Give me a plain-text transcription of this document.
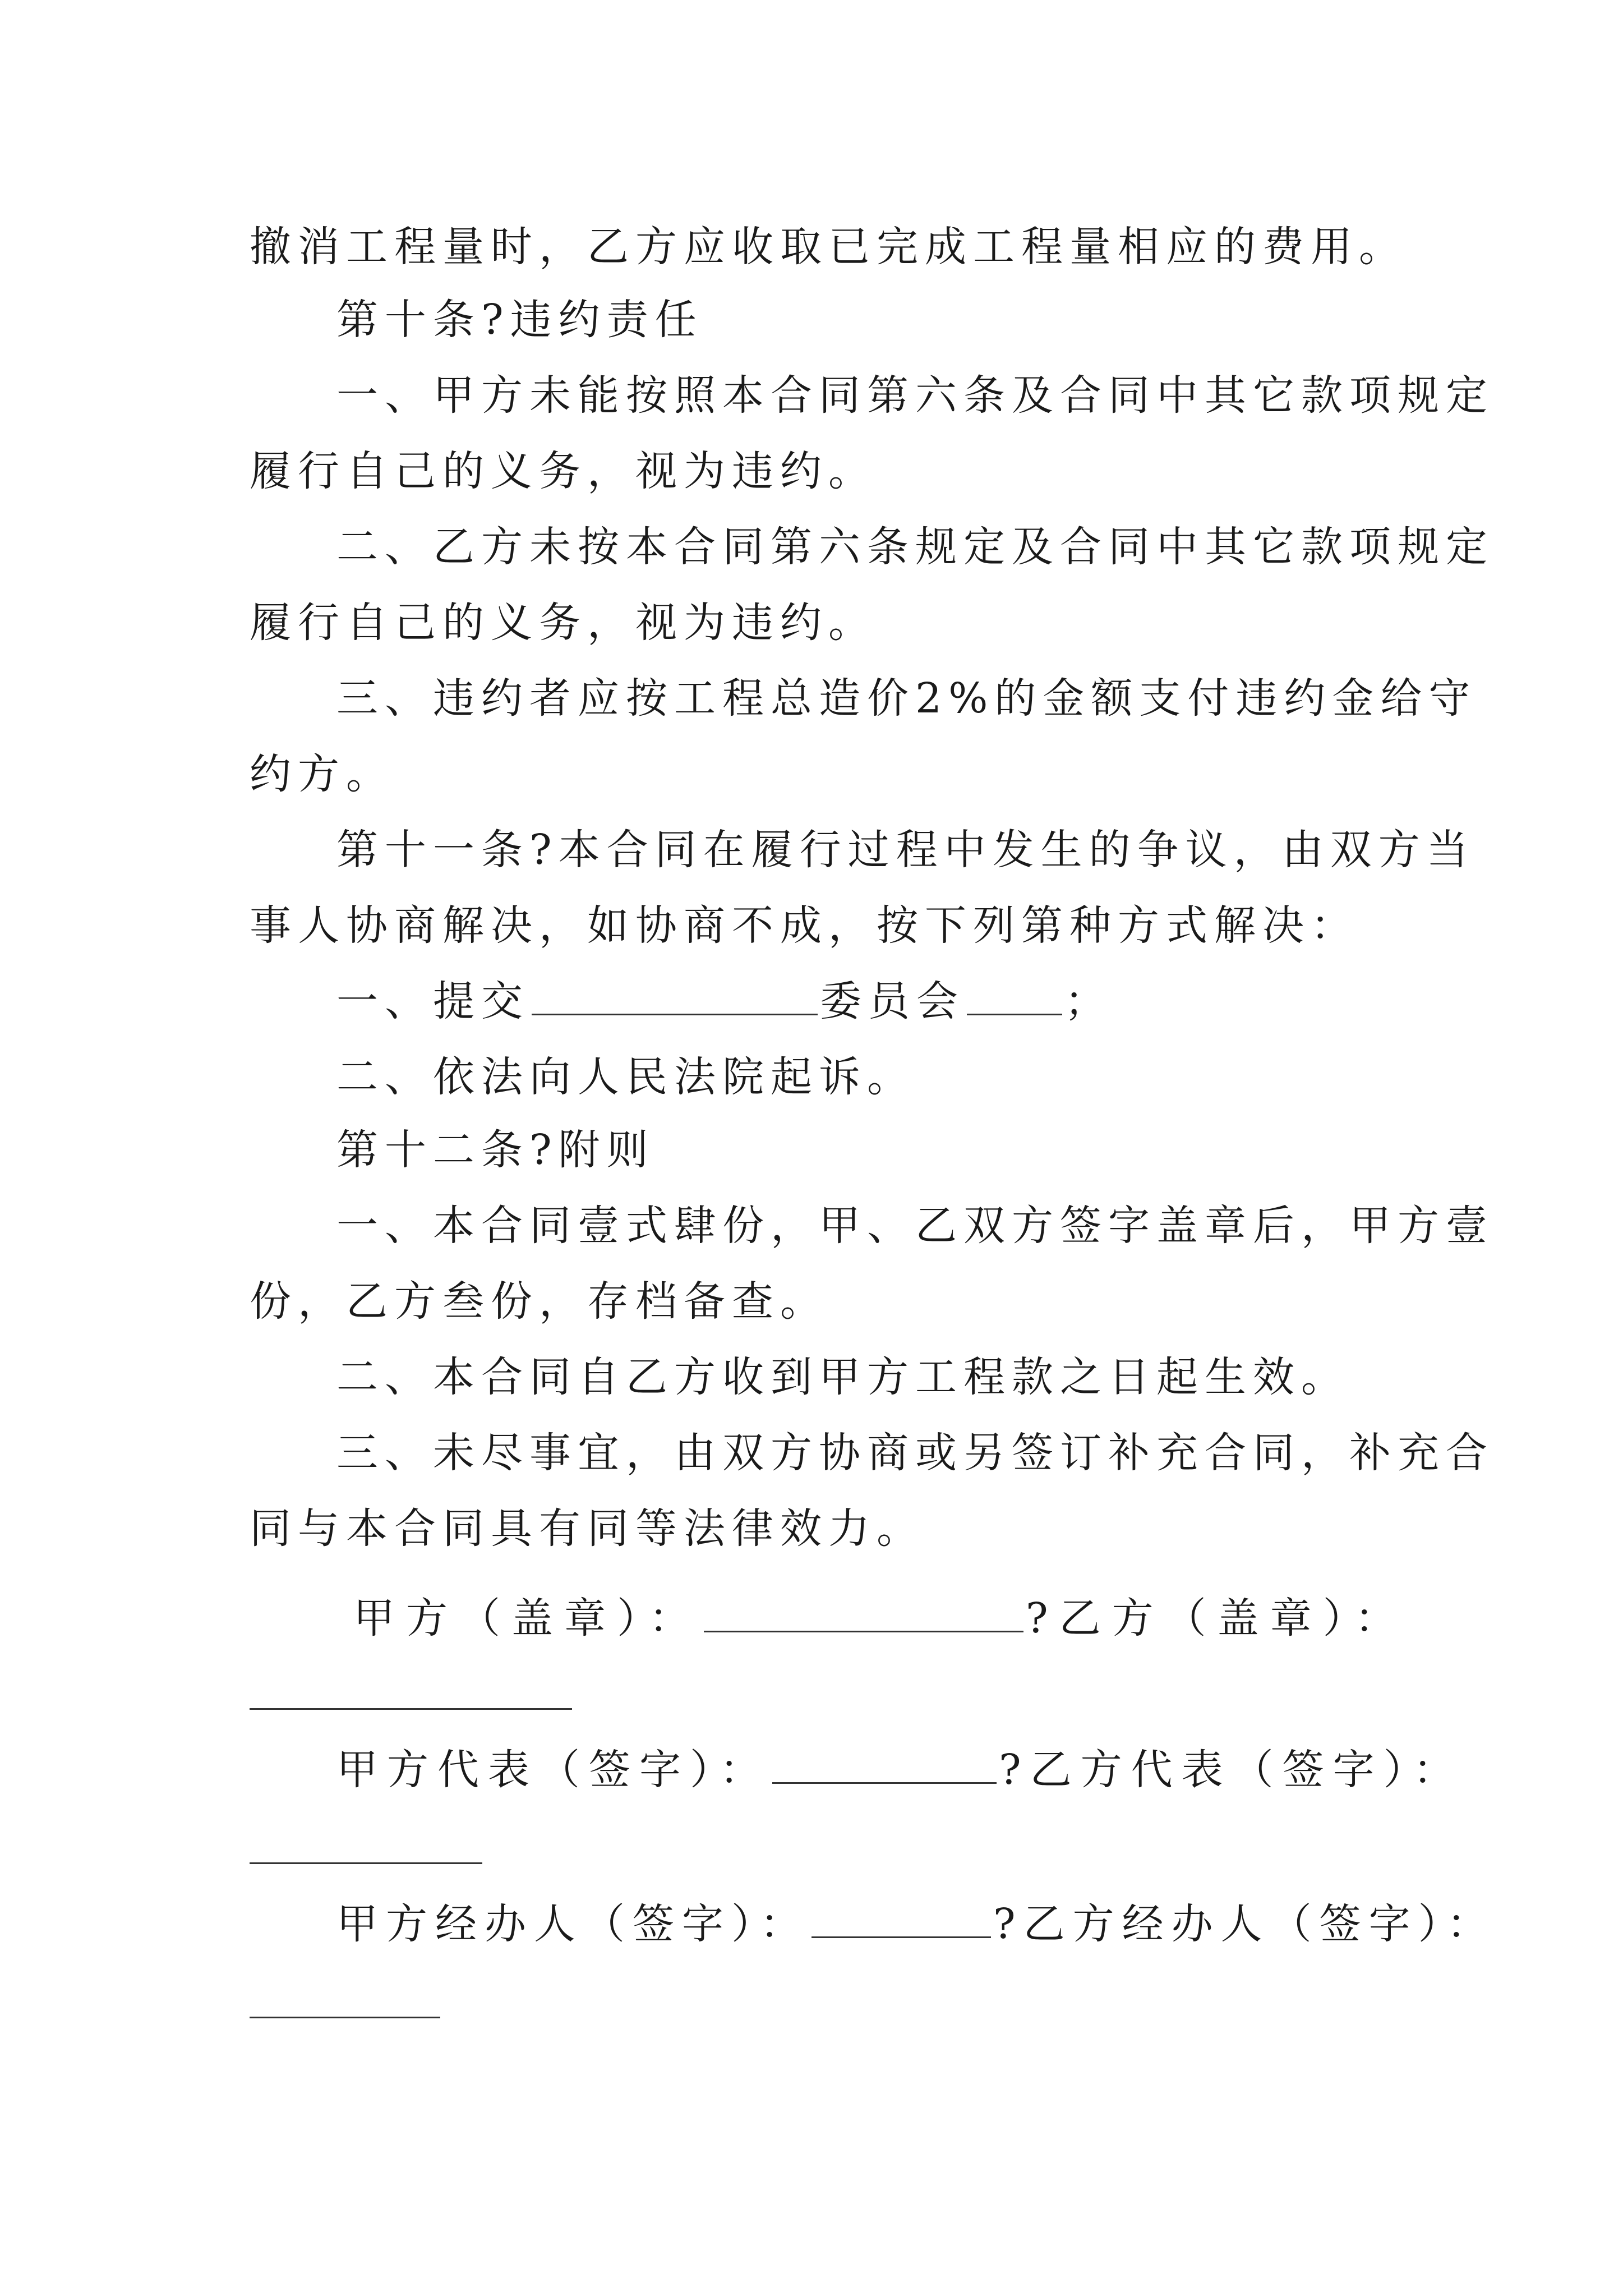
撤消工程量时，乙方应收取已完成工程量相应的费用。
第十条?违约责任
一、甲方未能按照本合同第六条及合同中其它款项规定
履行自己的义务，视为违约。
二、乙方未按本合同第六条规定及合同中其它款项规定
履行自己的义务，视为违约。
三、违约者应按工程总造价2%的金额支付违约金给守
约方。
第十一条?本合同在履行过程中发生的争议，由双方当
事人协商解决，如协商不成，按下列第种方式解决：
一、提交	委员会 ；
二、依法向人民法院起诉。
第十二条?附则
一、本合同壹式肆份，甲、乙双方签字盖章后，甲方壹
份，乙方叁份，存档备查。
二、本合同自乙方收到甲方工程款之日起生效。
三、未尽事宜，由双方协商或另签订补充合同，补充合
同与本合同具有同等法律效力。
甲方（盖章）：	?乙方（盖章）：
甲方代表（签字）：	?乙方代表（签字）：
甲方经办人（签字）：	?乙方经办人（签字）：
